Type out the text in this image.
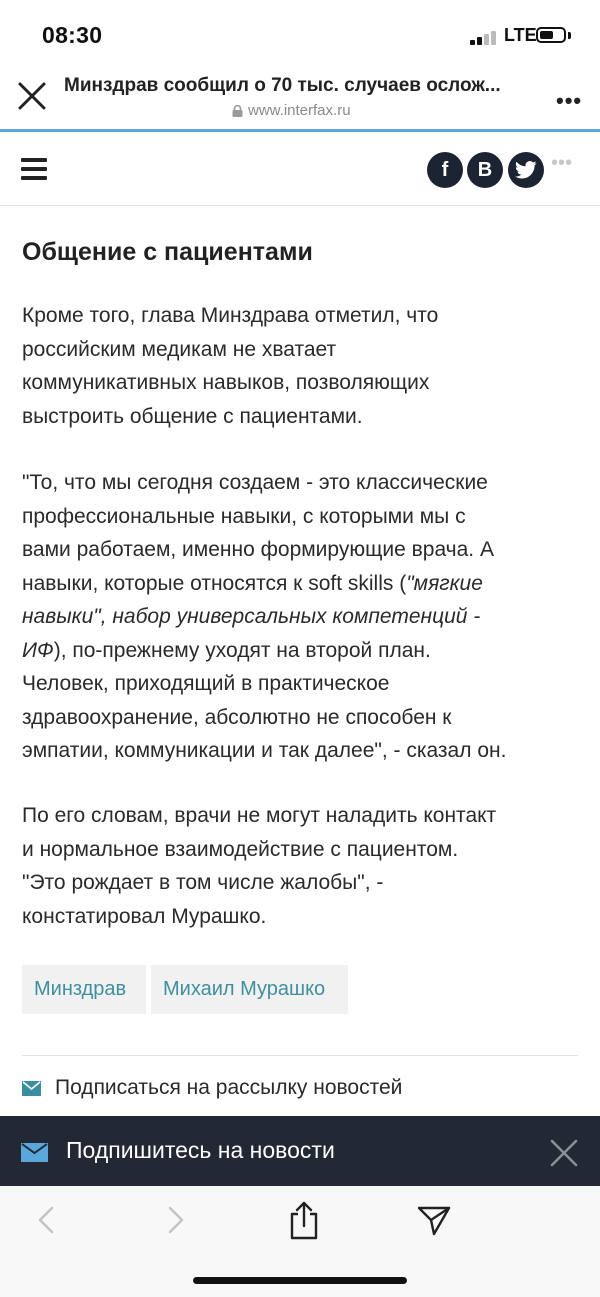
08:30	LTE
Минздрав сообщил о 70 тыс. случаев ослож...
www.interfax.ru	•••
f B	•••
Общение с пациентами
Кроме того, глава Минздрава отметил, что
российским медикам не хватает
коммуникативных навыков, позволяющих
выстроить общение с пациентами.
"То, что мы сегодня создаем - это классические
профессиональные навыки, с которыми мы с
вами работаем, именно формирующие врача. А
навыки, которые относятся к soft skills ("мягкие
навыки", набор универсальных компетенций -
ИФ), по-прежнему уходят на второй план.
Человек, приходящий в практическое
здравоохранение, абсолютно не способен к
эмпатии, коммуникации и так далее", - сказал он.
По его словам, врачи не могут наладить контакт
и нормальное взаимодействие с пациентом.
"Это рождает в том числе жалобы", -
констатировал Мурашко.
Минздрав	Михаил Мурашко
Подписаться на рассылку новостей
Подпишитесь на новости
